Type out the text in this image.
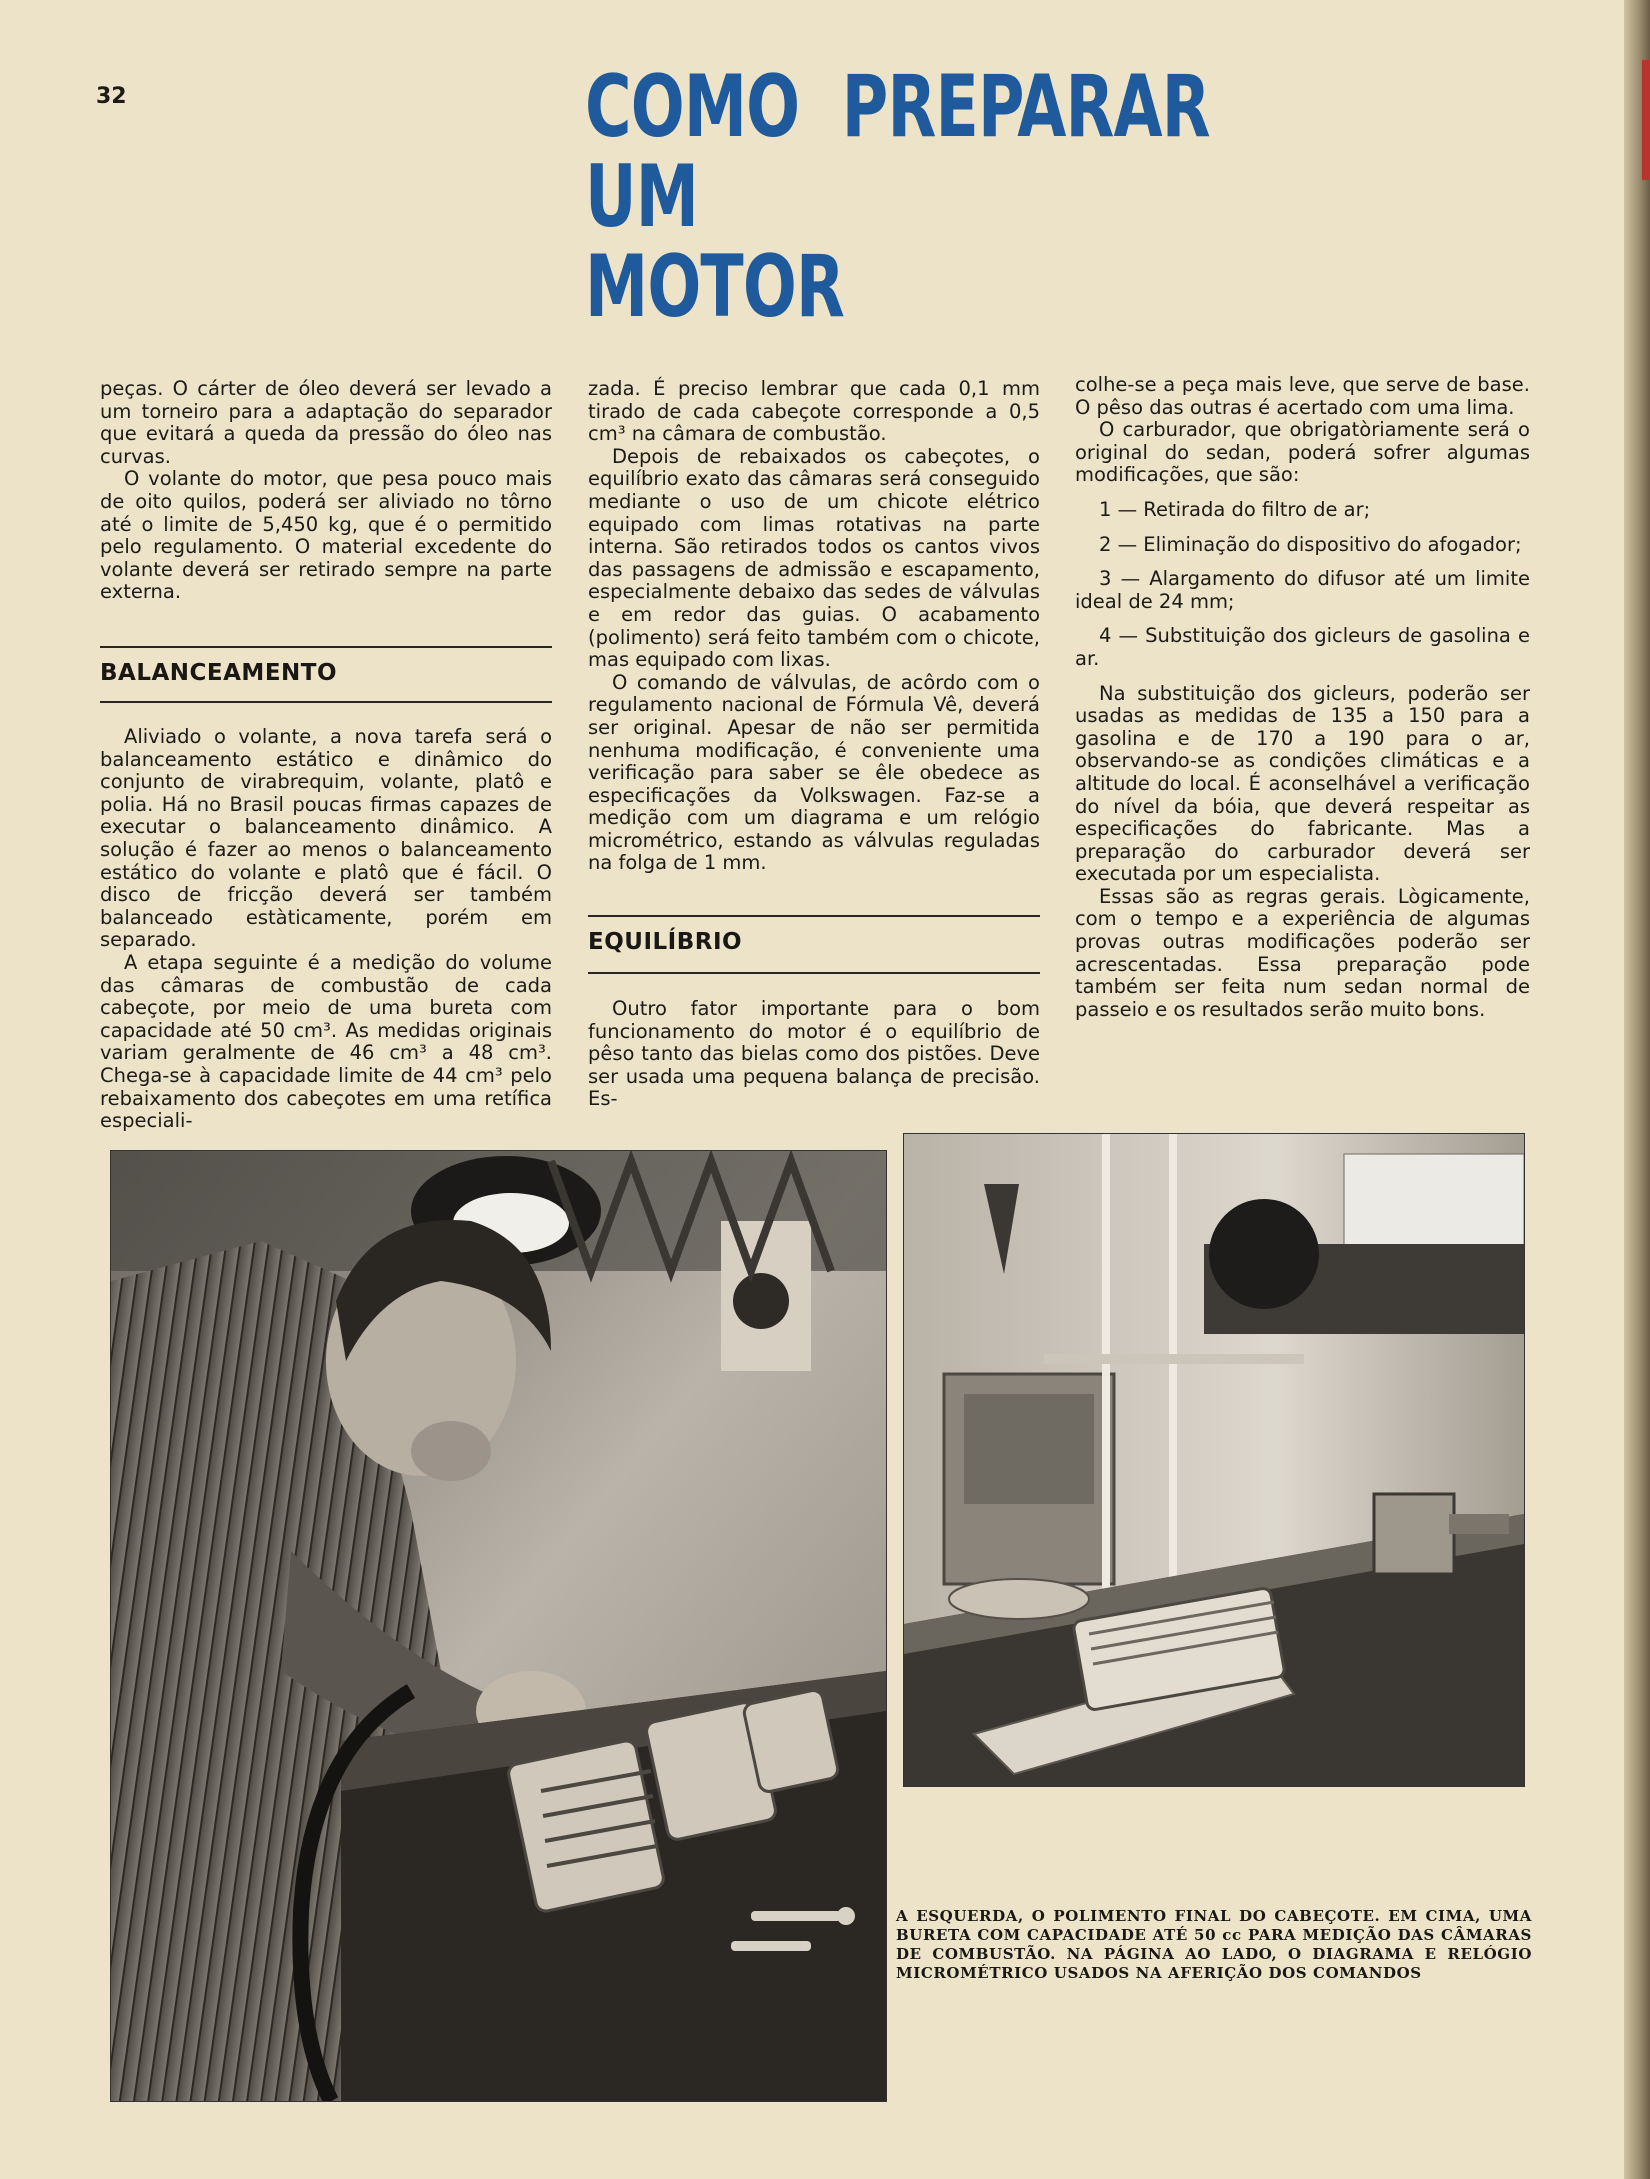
32	COMO  PREPARAR
UM
MOTOR

peças. O cárter de óleo deverá ser levado a um torneiro para a adaptação do separador que evitará a queda da pressão do óleo nas curvas.

O volante do motor, que pesa pouco mais de oito quilos, poderá ser aliviado no tôrno até o limite de 5,450 kg, que é o permitido pelo regulamento. O material excedente do volante deverá ser retirado sempre na parte externa.

BALANCEAMENTO

Aliviado o volante, a nova tarefa será o balanceamento estático e dinâmico do conjunto de virabrequim, volante, platô e polia. Há no Brasil poucas firmas capazes de executar o balanceamento dinâmico. A solução é fazer ao menos o balanceamento estático do volante e platô que é fácil. O disco de fricção deverá ser também balanceado estàticamente, porém em separado.

A etapa seguinte é a medição do volume das câmaras de combustão de cada cabeçote, por meio de uma bureta com capacidade até 50 cm³. As medidas originais variam geralmente de 46 cm³ a 48 cm³. Chega-se à capacidade limite de 44 cm³ pelo rebaixamento dos cabeçotes em uma retífica especiali-

zada. É preciso lembrar que cada 0,1 mm tirado de cada cabeçote corresponde a 0,5 cm³ na câmara de combustão.

Depois de rebaixados os cabeçotes, o equilíbrio exato das câmaras será conseguido mediante o uso de um chicote elétrico equipado com limas rotativas na parte interna. São retirados todos os cantos vivos das passagens de admissão e escapamento, especialmente debaixo das sedes de válvulas e em redor das guias. O acabamento (polimento) será feito também com o chicote, mas equipado com lixas.

O comando de válvulas, de acôrdo com o regulamento nacional de Fórmula Vê, deverá ser original. Apesar de não ser permitida nenhuma modificação, é conveniente uma verificação para saber se êle obedece as especificações da Volkswagen. Faz-se a medição com um diagrama e um relógio micrométrico, estando as válvulas reguladas na folga de 1 mm.

EQUILÍBRIO

Outro fator importante para o bom funcionamento do motor é o equilíbrio de pêso tanto das bielas como dos pistões. Deve ser usada uma pequena balança de precisão. Es-

colhe-se a peça mais leve, que serve de base. O pêso das outras é acertado com uma lima.

O carburador, que obrigatòriamente será o original do sedan, poderá sofrer algumas modificações, que são:

1 — Retirada do filtro de ar;

2 — Eliminação do dispositivo do afogador;

3 — Alargamento do difusor até um limite ideal de 24 mm;

4 — Substituição dos gicleurs de gasolina e ar.

Na substituição dos gicleurs, poderão ser usadas as medidas de 135 a 150 para a gasolina e de 170 a 190 para o ar, observando-se as condições climáticas e a altitude do local. É aconselhável a verificação do nível da bóia, que deverá respeitar as especificações do fabricante. Mas a preparação do carburador deverá ser executada por um especialista.

Essas são as regras gerais. Lògicamente, com o tempo e a experiência de algumas provas outras modificações poderão ser acrescentadas. Essa preparação pode também ser feita num sedan normal de passeio e os resultados serão muito bons.

A ESQUERDA, O POLIMENTO FINAL DO CABEÇOTE. EM CIMA, UMA BURETA COM CAPACIDADE ATÉ 50 cc PARA MEDIÇÃO DAS CÂMARAS DE COMBUSTÃO. NA PÁGINA AO LADO, O DIAGRAMA E RELÓGIO MICROMÉTRICO USADOS NA AFERIÇÃO DOS COMANDOS
